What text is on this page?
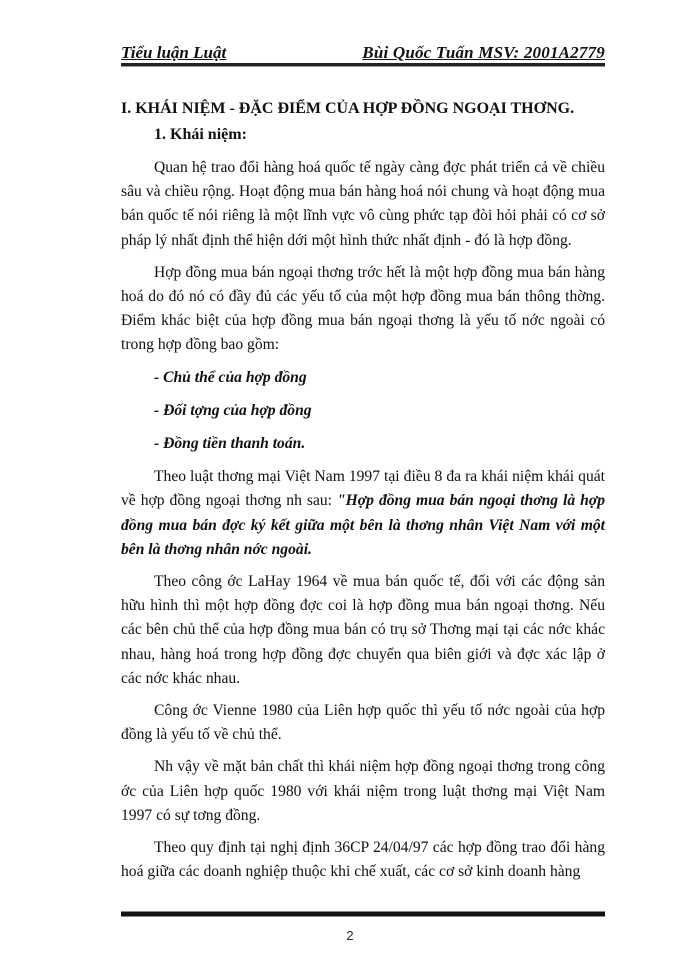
Tiểu luận Luật	Bùi Quốc Tuấn MSV: 2001A2779

I. KHÁI NIỆM - ĐẶC ĐIỂM CỦA HỢP ĐỒNG NGOẠI THƠNG.

1. Khái niệm:

Quan hệ trao đổi hàng hoá quốc tế ngày càng đợc phát triển cả về chiều sâu và chiều rộng. Hoạt động mua bán hàng hoá nói chung và hoạt động mua bán quốc tế nói riêng là một lĩnh vực vô cùng phức tạp đòi hỏi phải có cơ sở pháp lý nhất định thể hiện dới một hình thức nhất định - đó là hợp đồng.

Hợp đồng mua bán ngoại thơng trớc hết là một hợp đồng mua bán hàng hoá do đó nó có đầy đủ các yếu tố của một hợp đồng mua bán thông thờng. Điểm khác biệt của hợp đồng mua bán ngoại thơng là yếu tố nớc ngoài có trong hợp đồng bao gồm:

- Chủ thể của hợp đồng

- Đối tợng của hợp đồng

- Đồng tiền thanh toán.

Theo luật thơng mại Việt Nam 1997 tại điều 8 đa ra khái niệm khái quát về hợp đồng ngoại thơng nh sau: "Hợp đồng mua bán ngoại thơng là hợp đồng mua bán đợc ký kết giữa một bên là thơng nhân Việt Nam với một bên là thơng nhân nớc ngoài.

Theo công ớc LaHay 1964 về mua bán quốc tế, đối với các động sản hữu hình thì một hợp đồng đợc coi là hợp đồng mua bán ngoại thơng. Nếu các bên chủ thể của hợp đồng mua bán có trụ sở Thơng mại tại các nớc khác nhau, hàng hoá trong hợp đồng đợc chuyển qua biên giới và đợc xác lập ở các nớc khác nhau.

Công ớc Vienne 1980 của Liên hợp quốc thì yếu tố nớc ngoài của hợp đồng là yếu tố về chủ thể.

Nh vậy về mặt bản chất thì khái niệm hợp đồng ngoại thơng trong công ớc của Liên hợp quốc 1980 với khái niệm trong luật thơng mại Việt Nam 1997 có sự tơng đồng.

Theo quy định tại nghị định 36CP 24/04/97 các hợp đồng trao đổi hàng hoá giữa các doanh nghiệp thuộc khi chế xuất, các cơ sở kinh doanh hàng

2
